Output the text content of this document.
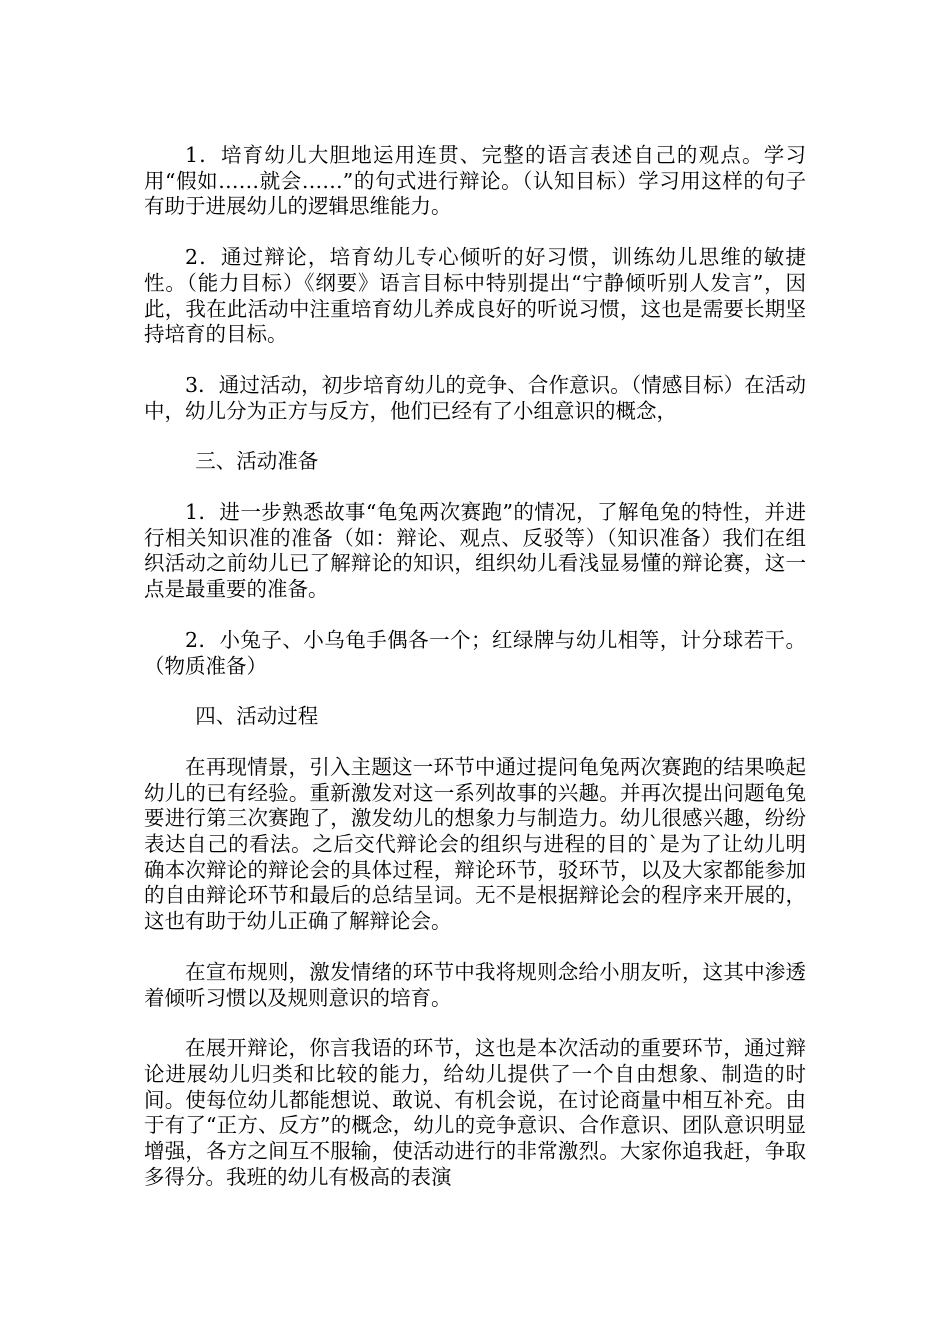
1．培育幼儿大胆地运用连贯、完整的语言表述自己的观点。学习用“假如……就会……”的句式进行辩论。（认知目标）学习用这样的句子有助于进展幼儿的逻辑思维能力。

2．通过辩论，培育幼儿专心倾听的好习惯，训练幼儿思维的敏捷性。（能力目标）《纲要》语言目标中特别提出“宁静倾听别人发言”，因此，我在此活动中注重培育幼儿养成良好的听说习惯，这也是需要长期坚持培育的目标。

3．通过活动，初步培育幼儿的竞争、合作意识。（情感目标）在活动中，幼儿分为正方与反方，他们已经有了小组意识的概念，

三、活动准备

1．进一步熟悉故事“龟兔两次赛跑”的情况，了解龟兔的特性，并进行相关知识准的准备（如：辩论、观点、反驳等）（知识准备）我们在组织活动之前幼儿已了解辩论的知识，组织幼儿看浅显易懂的辩论赛，这一点是最重要的准备。

2．小兔子、小乌龟手偶各一个；红绿牌与幼儿相等，计分球若干。（物质准备）

四、活动过程

在再现情景，引入主题这一环节中通过提问龟兔两次赛跑的结果唤起幼儿的已有经验。重新激发对这一系列故事的兴趣。并再次提出问题龟兔要进行第三次赛跑了，激发幼儿的想象力与制造力。幼儿很感兴趣，纷纷表达自己的看法。之后交代辩论会的组织与进程的目的`是为了让幼儿明确本次辩论的辩论会的具体过程，辩论环节，驳环节，以及大家都能参加的自由辩论环节和最后的总结呈词。无不是根据辩论会的程序来开展的，这也有助于幼儿正确了解辩论会。

在宣布规则，激发情绪的环节中我将规则念给小朋友听，这其中渗透着倾听习惯以及规则意识的培育。

在展开辩论，你言我语的环节，这也是本次活动的重要环节，通过辩论进展幼儿归类和比较的能力，给幼儿提供了一个自由想象、制造的时间。使每位幼儿都能想说、敢说、有机会说，在讨论商量中相互补充。由于有了“正方、反方”的概念，幼儿的竞争意识、合作意识、团队意识明显增强，各方之间互不服输，使活动进行的非常激烈。大家你追我赶，争取多得分。我班的幼儿有极高的表演
